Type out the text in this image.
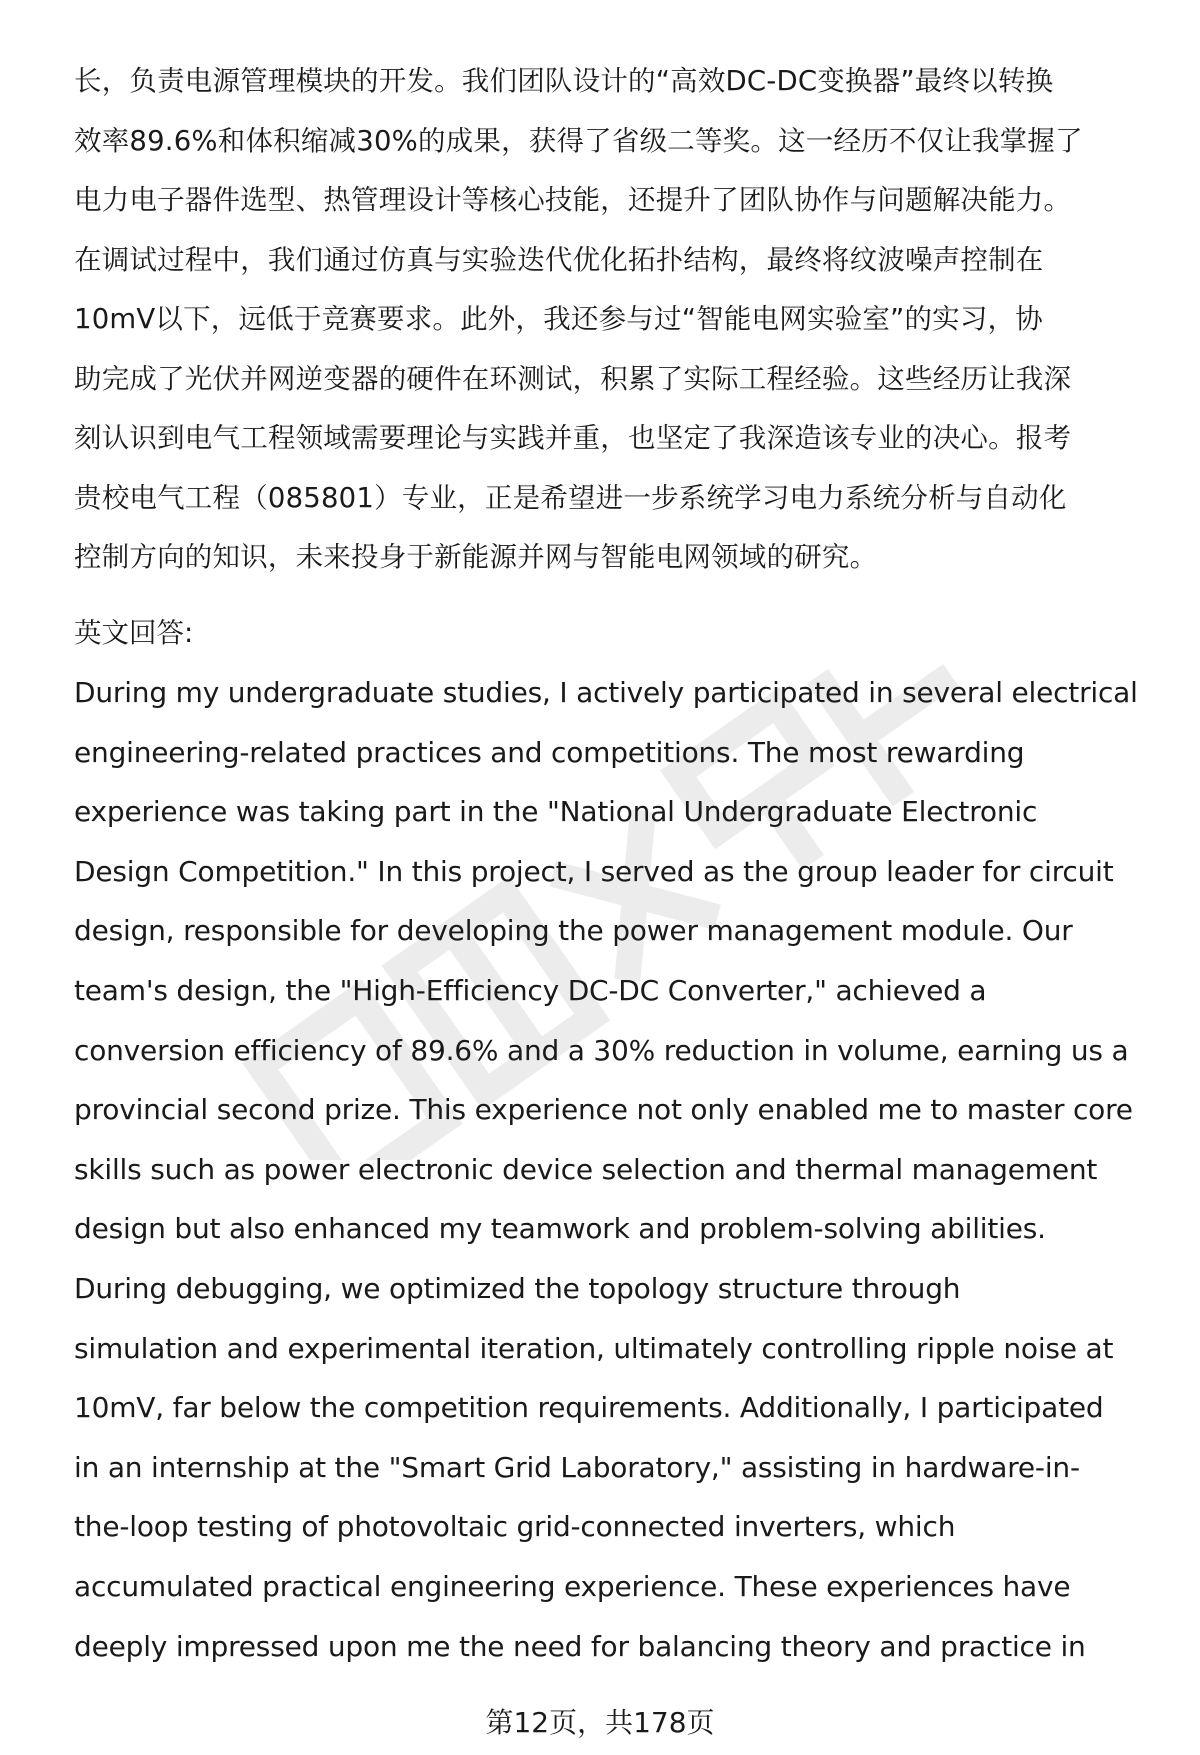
长，负责电源管理模块的开发。我们团队设计的“高效DC-DC变换器”最终以转换
效率89.6%和体积缩减30%的成果，获得了省级二等奖。这一经历不仅让我掌握了
电力电子器件选型、热管理设计等核心技能，还提升了团队协作与问题解决能力。
在调试过程中，我们通过仿真与实验迭代优化拓扑结构，最终将纹波噪声控制在
10mV以下，远低于竞赛要求。此外，我还参与过“智能电网实验室”的实习，协
助完成了光伏并网逆变器的硬件在环测试，积累了实际工程经验。这些经历让我深
刻认识到电气工程领域需要理论与实践并重，也坚定了我深造该专业的决心。报考
贵校电气工程（085801）专业，正是希望进一步系统学习电力系统分析与自动化
控制方向的知识，未来投身于新能源并网与智能电网领域的研究。
英文回答:
During my undergraduate studies, I actively participated in several electrical
engineering-related practices and competitions. The most rewarding
experience was taking part in the "National Undergraduate Electronic
Design Competition." In this project, I served as the group leader for circuit
design, responsible for developing the power management module. Our
team's design, the "High-Efficiency DC-DC Converter," achieved a
conversion efficiency of 89.6% and a 30% reduction in volume, earning us a
provincial second prize. This experience not only enabled me to master core
skills such as power electronic device selection and thermal management
design but also enhanced my teamwork and problem-solving abilities.
During debugging, we optimized the topology structure through
simulation and experimental iteration, ultimately controlling ripple noise at
10mV, far below the competition requirements. Additionally, I participated
in an internship at the "Smart Grid Laboratory," assisting in hardware-in-
the-loop testing of photovoltaic grid-connected inverters, which
accumulated practical engineering experience. These experiences have
deeply impressed upon me the need for balancing theory and practice in
第12页，共178页
